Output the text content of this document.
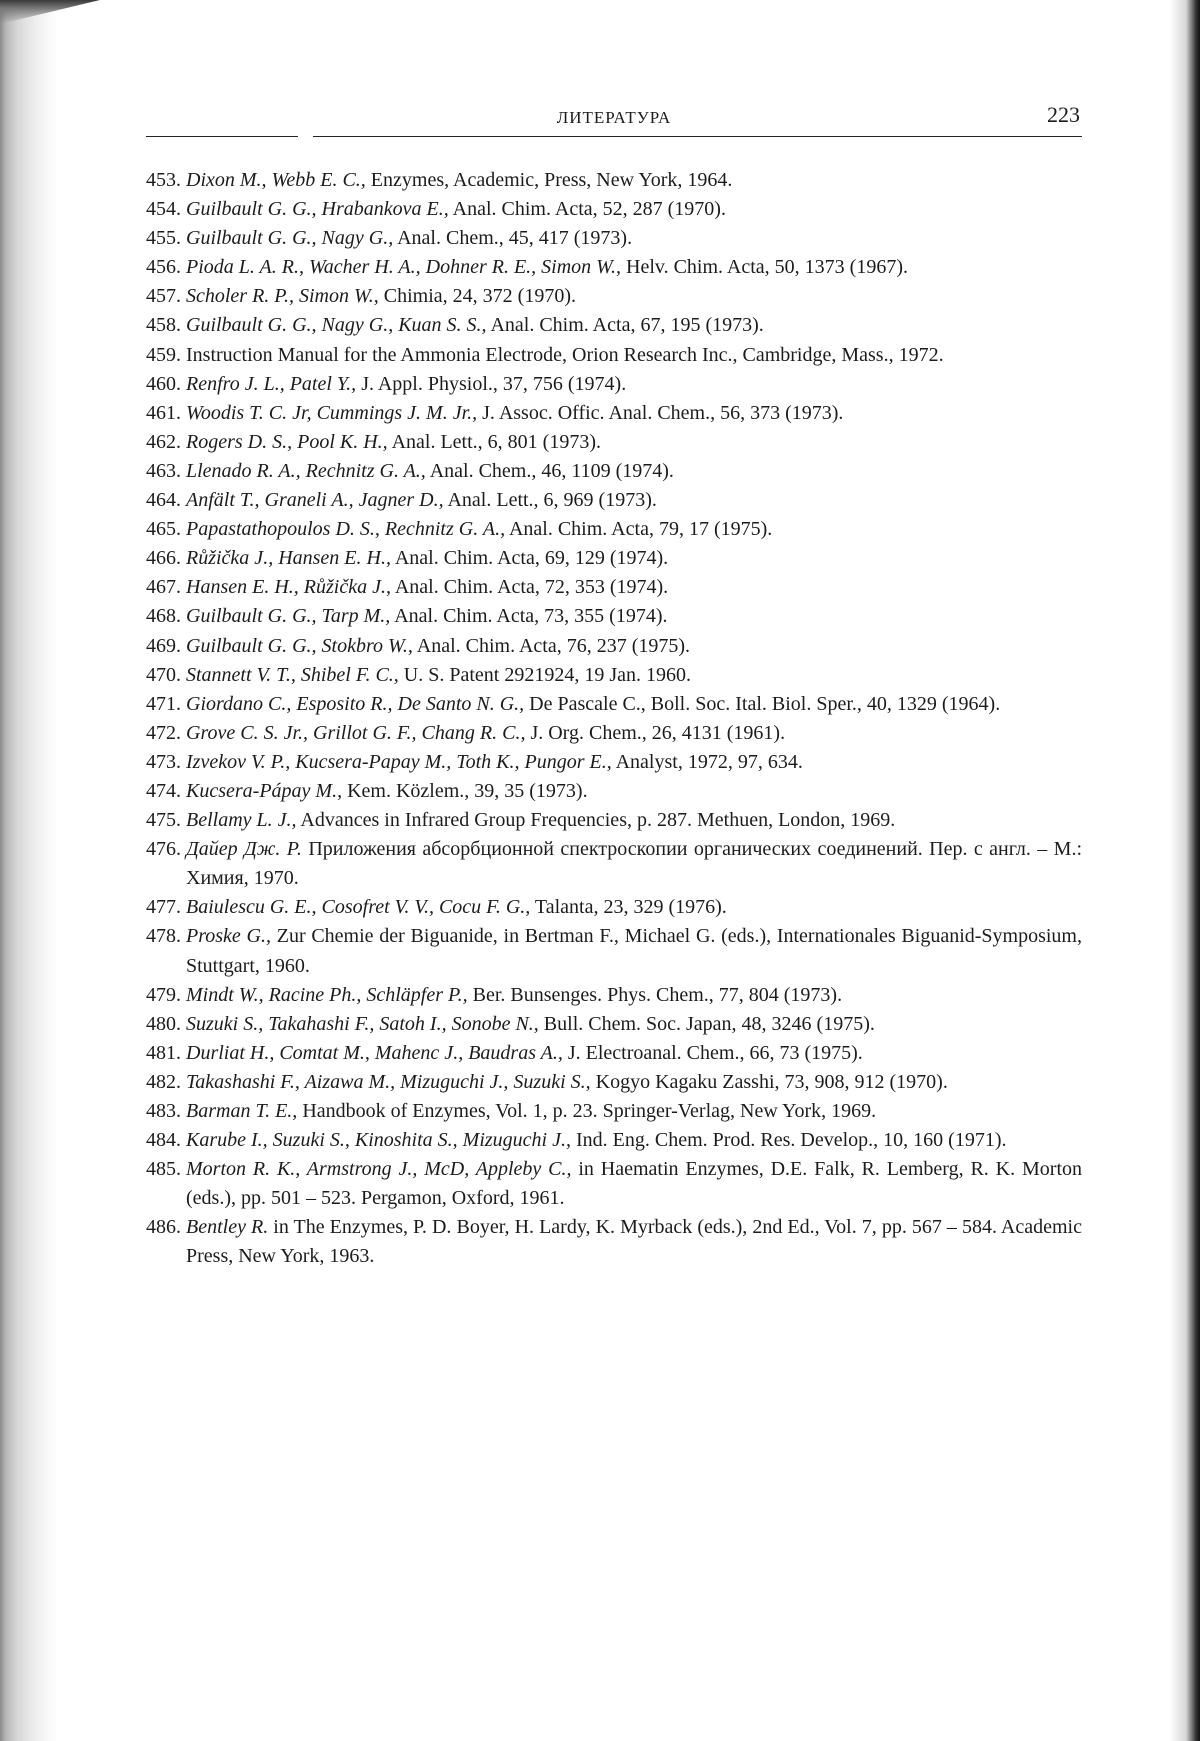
ЛИТЕРАТУРА	223
453. Dixon M., Webb E. C., Enzymes, Academic, Press, New York, 1964.
454. Guilbault G. G., Hrabankova E., Anal. Chim. Acta, 52, 287 (1970).
455. Guilbault G. G., Nagy G., Anal. Chem., 45, 417 (1973).
456. Pioda L. A. R., Wacher H. A., Dohner R. E., Simon W., Helv. Chim. Acta, 50, 1373 (1967).
457. Scholer R. P., Simon W., Chimia, 24, 372 (1970).
458. Guilbault G. G., Nagy G., Kuan S. S., Anal. Chim. Acta, 67, 195 (1973).
459. Instruction Manual for the Ammonia Electrode, Orion Research Inc., Cambridge, Mass., 1972.
460. Renfro J. L., Patel Y., J. Appl. Physiol., 37, 756 (1974).
461. Woodis T. C. Jr, Cummings J. M. Jr., J. Assoc. Offic. Anal. Chem., 56, 373 (1973).
462. Rogers D. S., Pool K. H., Anal. Lett., 6, 801 (1973).
463. Llenado R. A., Rechnitz G. A., Anal. Chem., 46, 1109 (1974).
464. Anfält T., Graneli A., Jagner D., Anal. Lett., 6, 969 (1973).
465. Papastathopoulos D. S., Rechnitz G. A., Anal. Chim. Acta, 79, 17 (1975).
466. Růžička J., Hansen E. H., Anal. Chim. Acta, 69, 129 (1974).
467. Hansen E. H., Růžička J., Anal. Chim. Acta, 72, 353 (1974).
468. Guilbault G. G., Tarp M., Anal. Chim. Acta, 73, 355 (1974).
469. Guilbault G. G., Stokbro W., Anal. Chim. Acta, 76, 237 (1975).
470. Stannett V. T., Shibel F. C., U. S. Patent 2921924, 19 Jan. 1960.
471. Giordano C., Esposito R., De Santo N. G., De Pascale C., Boll. Soc. Ital. Biol. Sper., 40, 1329 (1964).
472. Grove C. S. Jr., Grillot G. F., Chang R. C., J. Org. Chem., 26, 4131 (1961).
473. Izvekov V. P., Kucsera-Papay M., Toth K., Pungor E., Analyst, 1972, 97, 634.
474. Kucsera-Pápay M., Kem. Közlem., 39, 35 (1973).
475. Bellamy L. J., Advances in Infrared Group Frequencies, p. 287. Methuen, London, 1969.
476. Дайер Дж. Р. Приложения абсорбционной спектроскопии органических соединений. Пер. с англ. – М.: Химия, 1970.
477. Baiulescu G. E., Cosofret V. V., Cocu F. G., Talanta, 23, 329 (1976).
478. Proske G., Zur Chemie der Biguanide, in Bertman F., Michael G. (eds.), Internationales Biguanid-Symposium, Stuttgart, 1960.
479. Mindt W., Racine Ph., Schläpfer P., Ber. Bunsenges. Phys. Chem., 77, 804 (1973).
480. Suzuki S., Takahashi F., Satoh I., Sonobe N., Bull. Chem. Soc. Japan, 48, 3246 (1975).
481. Durliat H., Comtat M., Mahenc J., Baudras A., J. Electroanal. Chem., 66, 73 (1975).
482. Takashashi F., Aizawa M., Mizuguchi J., Suzuki S., Kogyo Kagaku Zasshi, 73, 908, 912 (1970).
483. Barman T. E., Handbook of Enzymes, Vol. 1, p. 23. Springer-Verlag, New York, 1969.
484. Karube I., Suzuki S., Kinoshita S., Mizuguchi J., Ind. Eng. Chem. Prod. Res. Develop., 10, 160 (1971).
485. Morton R. K., Armstrong J., McD, Appleby C., in Haematin Enzymes, D.E. Falk, R. Lemberg, R. K. Morton (eds.), pp. 501 – 523. Pergamon, Oxford, 1961.
486. Bentley R. in The Enzymes, P. D. Boyer, H. Lardy, K. Myrback (eds.), 2nd Ed., Vol. 7, pp. 567 – 584. Academic Press, New York, 1963.
